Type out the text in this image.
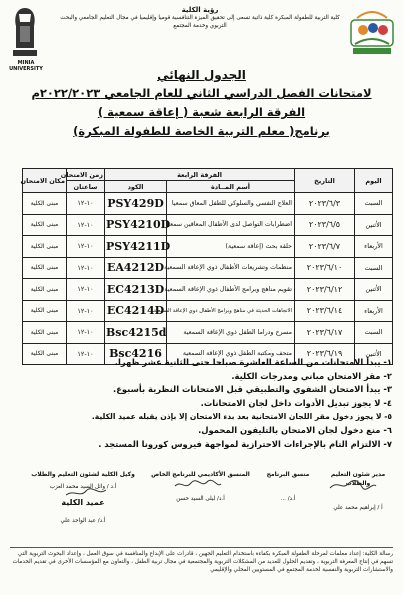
MINIA UNIVERSITY
رؤية الكلية
كلية التربية للطفولة المبكرة كلية ذاتية تسعى إلى تحقيق الميزة التنافسية قوميا وإقليميا في مجال التعليم الجامعي والبحث التربوي وخدمة المجتمع
الجدول النهائي
لامتحانات الفصل الدراسي الثاني للعام الجامعي ٢٠٢٢/٢٠٢٣م
الفرقة الرابعة شعبة ( إعاقة سمعية )
برنامج( معلم التربية الخاصة للطفولة المبكرة)
اليوم	التاريخ	الفرقة الرابعة		زمن الامتحان	مكان الامتحان
		أسم المــادة	الكود	ساعتان	
السبت	٢٠٢٣/٦/٣	العلاج النفسي والسلوكي للطفل المعاق سمعيا	PSY429D	١٠-١٢	مبنى الكلية
الأثنين	٢٠٢٣/٦/٥	اضطرابات التواصل لدى الأطفال المعاقين سمعيا	PSY4210D	١٠-١٢	مبنى الكلية
الأربعاء	٢٠٢٣/٦/٧	حلقة بحث (إعاقة سمعية)	PSY4211D	١٠-١٢	مبنى الكلية
السبت	٢٠٢٣/٦/١٠	منظمات وتشريعات الأطفال ذوي الإعاقة السمعية	EA4212D	١٠-١٢	مبنى الكلية
الأثنين	٢٠٢٣/٦/١٢	تقويم مناهج وبرامج الأطفال ذوي الإعاقة السمعية	EC4213D	١٠-١٢	مبنى الكلية
الأربعاء	٢٠٢٣/٦/١٤	الاتجاهات الحديثة في مناهج وبرامج الأطفال ذوي الإعاقة السمعية	EC4214D	١٠-١٢	مبنى الكلية
السبت	٢٠٢٣/٦/١٧	مسرح ودراما الطفل ذوي الإعاقة السمعية	Bsc4215d	١٠-١٢	مبنى الكلية
الأثنين	٢٠٢٣/٦/١٩	متحف ومكتبة الطفل ذوي الإعاقة السمعية	Bsc4216	١٠-١٢	مبنى الكلية
١- يبدأ الامتحانات من الساعة العاشرة صباحا حتى الثانية عشر ظهرا.
٢- مقر الامتحان مباني ومدرجات الكلية.
٣- يبدأ الامتحان الشفوي والتطبيقي قبل الامتحانات النظرية بأسبوع.
٤- لا يجوز تبديل الأدوات داخل لجان الامتحانات.
٥- لا يجوز دخول مقر اللجان الامتحانية بعد بدء الامتحان إلا بإذن يقبله عميد الكلية.
٦- منع دخول لجان الامتحان بالتليفون المحمول.
٧- الالتزام التام بالإجراءات الاحترازية لمواجهة فيروس كورونا المستجد .
مدير شئون التعليم والطلاب
أ / إبراهيم محمد علي
منسق البرنامج
أ.د/ ...
المنسق الأكاديمي للبرنامج الخاص
أ.د/ ليلى السيد حسن
وكيل الكلية لشئون التعليم والطلاب
أ.د / وائل السيد محمد العزب
عميد الكلية
أ.د/ عبد الواحد علي
رسالة الكلية: إعداد معلمات لمرحلة الطفولة المبكرة بكفاءة باستخدام التعليم الجهين ، قادرات على الإبداع والمنافسة في سوق العمل ، وإعداد البحوث التربوية التي تسهم في إنتاج المعرفة التربوية ، وتقديم الحلول للعديد من المشكلات التربوية والمجتمعية في مجال تربية الطفل ، والتعاون مع المؤسسات الأخرى في تقديم الخدمات والاستشارات التربوية والنفسية لخدمة المجتمع في المستويين المحلي والإقليمي
